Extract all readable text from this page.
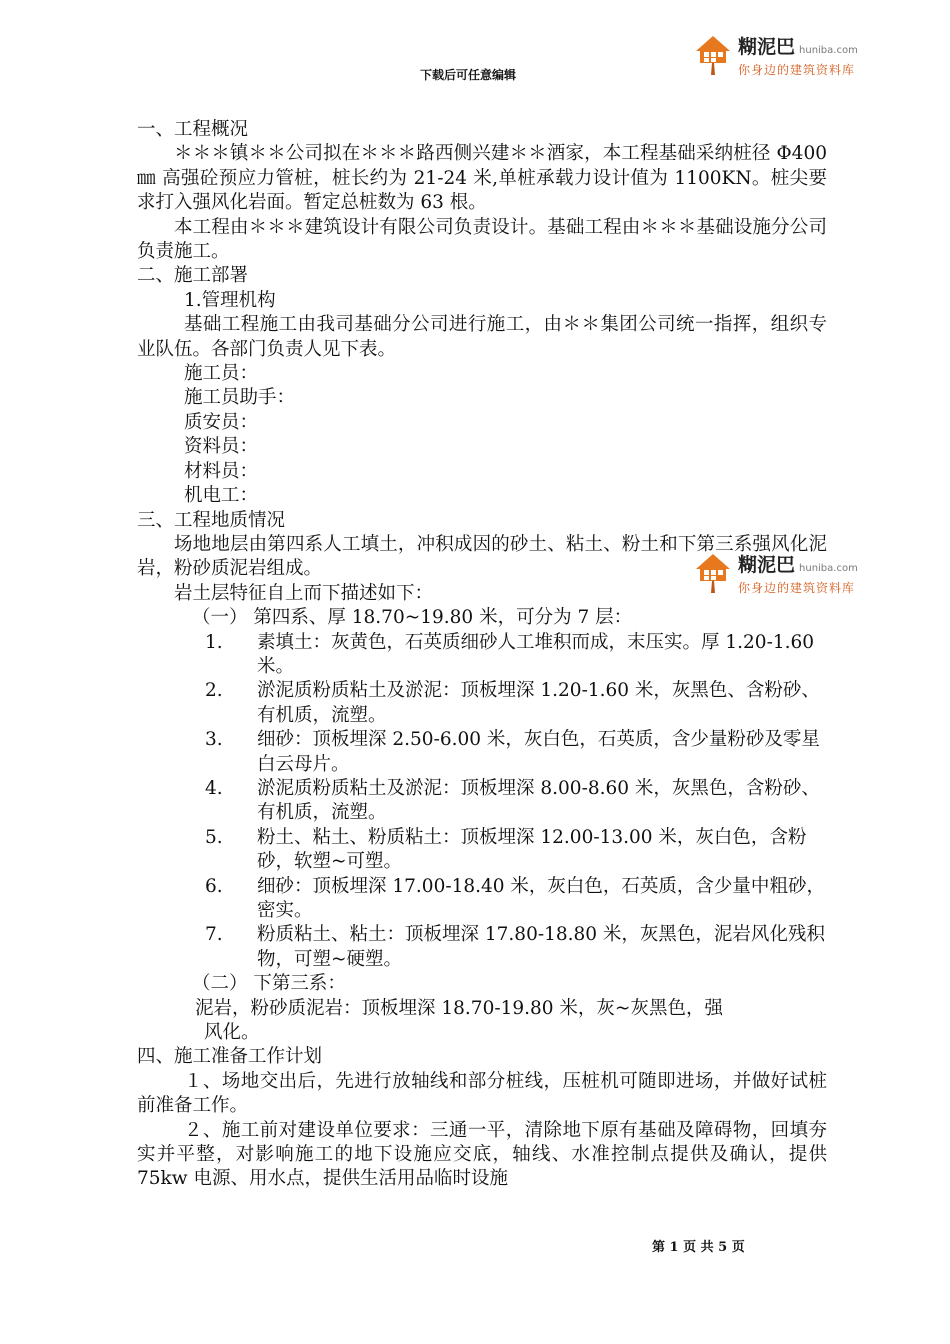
下载后可任意编辑
糊泥巴 huniba.com
你身边的建筑资料库
糊泥巴 huniba.com
你身边的建筑资料库

一、工程概况

＊＊＊镇＊＊公司拟在＊＊＊路西侧兴建＊＊酒家，本工程基础采纳桩径 Φ400㎜ 高强砼预应力管桩，桩长约为 21-24 米,单桩承载力设计值为 1100KN。桩尖要求打入强风化岩面。暂定总桩数为 63 根。

本工程由＊＊＊建筑设计有限公司负责设计。基础工程由＊＊＊基础设施分公司负责施工。

二、施工部署

1.管理机构

基础工程施工由我司基础分公司进行施工，由＊＊集团公司统一指挥，组织专业队伍。各部门负责人见下表。

施工员：

施工员助手：

质安员：

资料员：

材料员：

机电工：

三、工程地质情况

场地地层由第四系人工填土，冲积成因的砂土、粘土、粉土和下第三系强风化泥岩，粉砂质泥岩组成。

岩土层特征自上而下描述如下：

（一） 第四系、厚 18.70~19.80 米，可分为 7 层：

1.	素填土：灰黄色，石英质细砂人工堆积而成，末压实。厚 1.20-1.60 米。
2.	淤泥质粉质粘土及淤泥：顶板埋深 1.20-1.60 米，灰黑色、含粉砂、有机质，流塑。
3.	细砂：顶板埋深 2.50-6.00 米，灰白色，石英质，含少量粉砂及零星白云母片。
4.	淤泥质粉质粘土及淤泥：顶板埋深 8.00-8.60 米，灰黑色，含粉砂、有机质，流塑。
5.	粉土、粘土、粉质粘土：顶板埋深 12.00-13.00 米，灰白色，含粉砂，软塑~可塑。
6.	细砂：顶板埋深 17.00-18.40 米，灰白色，石英质，含少量中粗砂，密实。
7.	粉质粘土、粘土：顶板埋深 17.80-18.80 米，灰黑色，泥岩风化残积物，可塑~硬塑。

（二） 下第三系：

泥岩，粉砂质泥岩：顶板埋深 18.70-19.80 米，灰~灰黑色，强
风化。

四、施工准备工作计划

１、场地交出后，先进行放轴线和部分桩线，压桩机可随即进场，并做好试桩前准备工作。

２、施工前对建设单位要求：三通一平，清除地下原有基础及障碍物，回填夯实并平整，对影响施工的地下设施应交底，轴线、水准控制点提供及确认，提供 75kw 电源、用水点，提供生活用品临时设施

第 1 页 共 5 页
